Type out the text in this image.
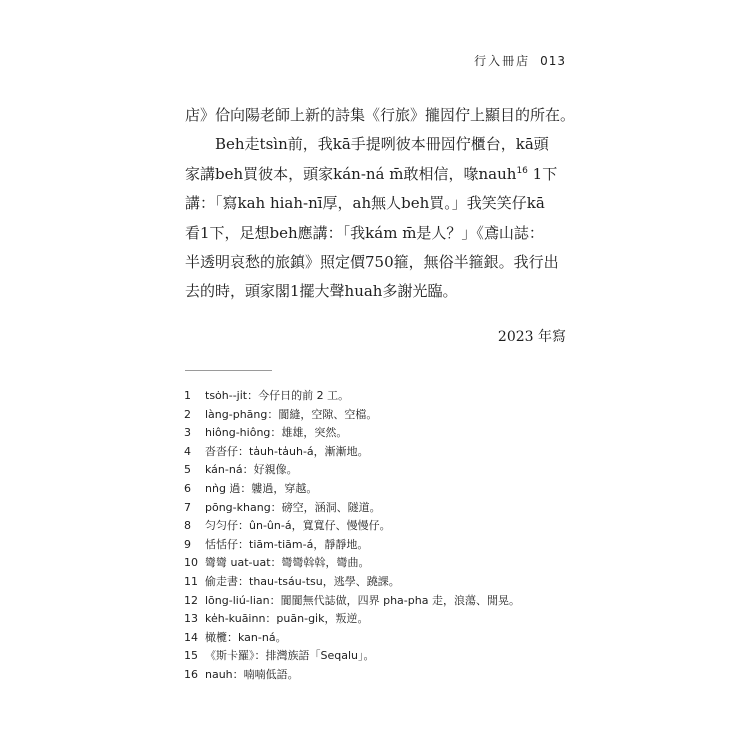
行入冊店 013

店》佮向陽老師上新的詩集《行旅》攏囥佇上顯目的所在。

Beh走tsìn前，我kā手提咧彼本冊囥佇櫃台，kā頭

家講beh買彼本，頭家kán-ná m̄敢相信，喙nauh$^{16}$ 1下

講：「寫kah hiah-nī厚，ah無人beh買。」我笑笑仔kā

看1下，足想beh應講：「我kám m̄是人？」《鳶山誌：

半透明哀愁的旅鎮》照定價750箍，無俗半箍銀。我行出

去的時，頭家閣1擺大聲huah多謝光臨。

2023 年寫
1	tsȯh--ji̍t：今仔日的前 2 工。
2	làng-phāng：閬縫，空隙、空檔。
3	hiông-hiông：雄雄，突然。
4	沓沓仔：ta̍uh-ta̍uh-á，漸漸地。
5	kán-ná：好親像。
6	nǹg 過：軁過，穿越。
7	pōng-khang：磅空，涵洞、隧道。
8	匀匀仔：ûn-ûn-á，寬寬仔、慢慢仔。
9	恬恬仔：tiām-tiām-á，靜靜地。
10 彎彎 uat-uat：彎彎斡斡，彎曲。
11 偷走書：thau-tsáu-tsu，逃學、蹺課。
12 lōng-liú-lian：閬閬無代誌做，四界 pha-pha 走，浪蕩、閒晃。
13 ke̍h-kuāinn：puān-gi̍k，叛逆。
14 橄欖：kan-ná。
15 《斯卡羅》：排灣族語「Seqalu」。
16 nauh：喃喃低語。
